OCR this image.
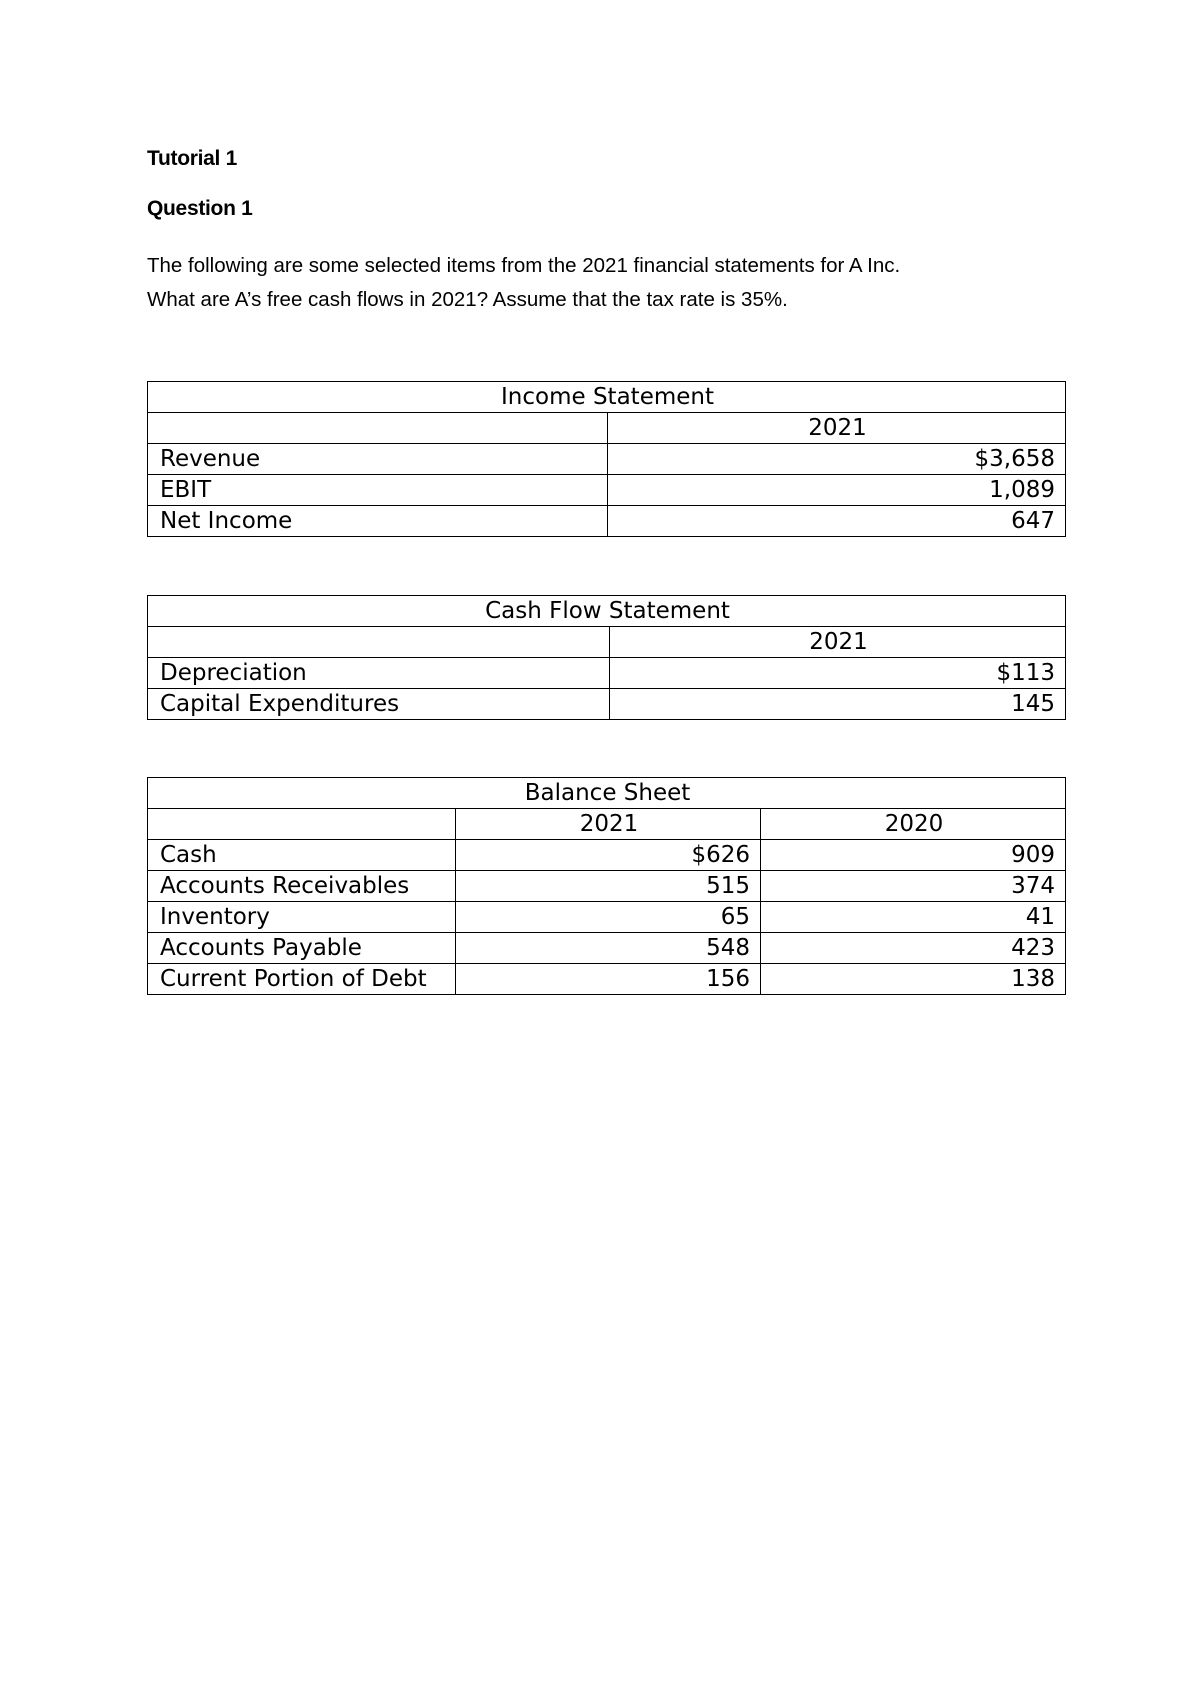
Tutorial 1
Question 1
The following are some selected items from the 2021 financial statements for A Inc.
What are A’s free cash flows in 2021? Assume that the tax rate is 35%.
Income Statement	
	2021
Revenue	$3,658
EBIT	1,089
Net Income	647
Cash Flow Statement	
	2021
Depreciation	$113
Capital Expenditures	145
Balance Sheet		
	2021	2020
Cash	$626	909
Accounts Receivables	515	374
Inventory	65	41
Accounts Payable	548	423
Current Portion of Debt	156	138
